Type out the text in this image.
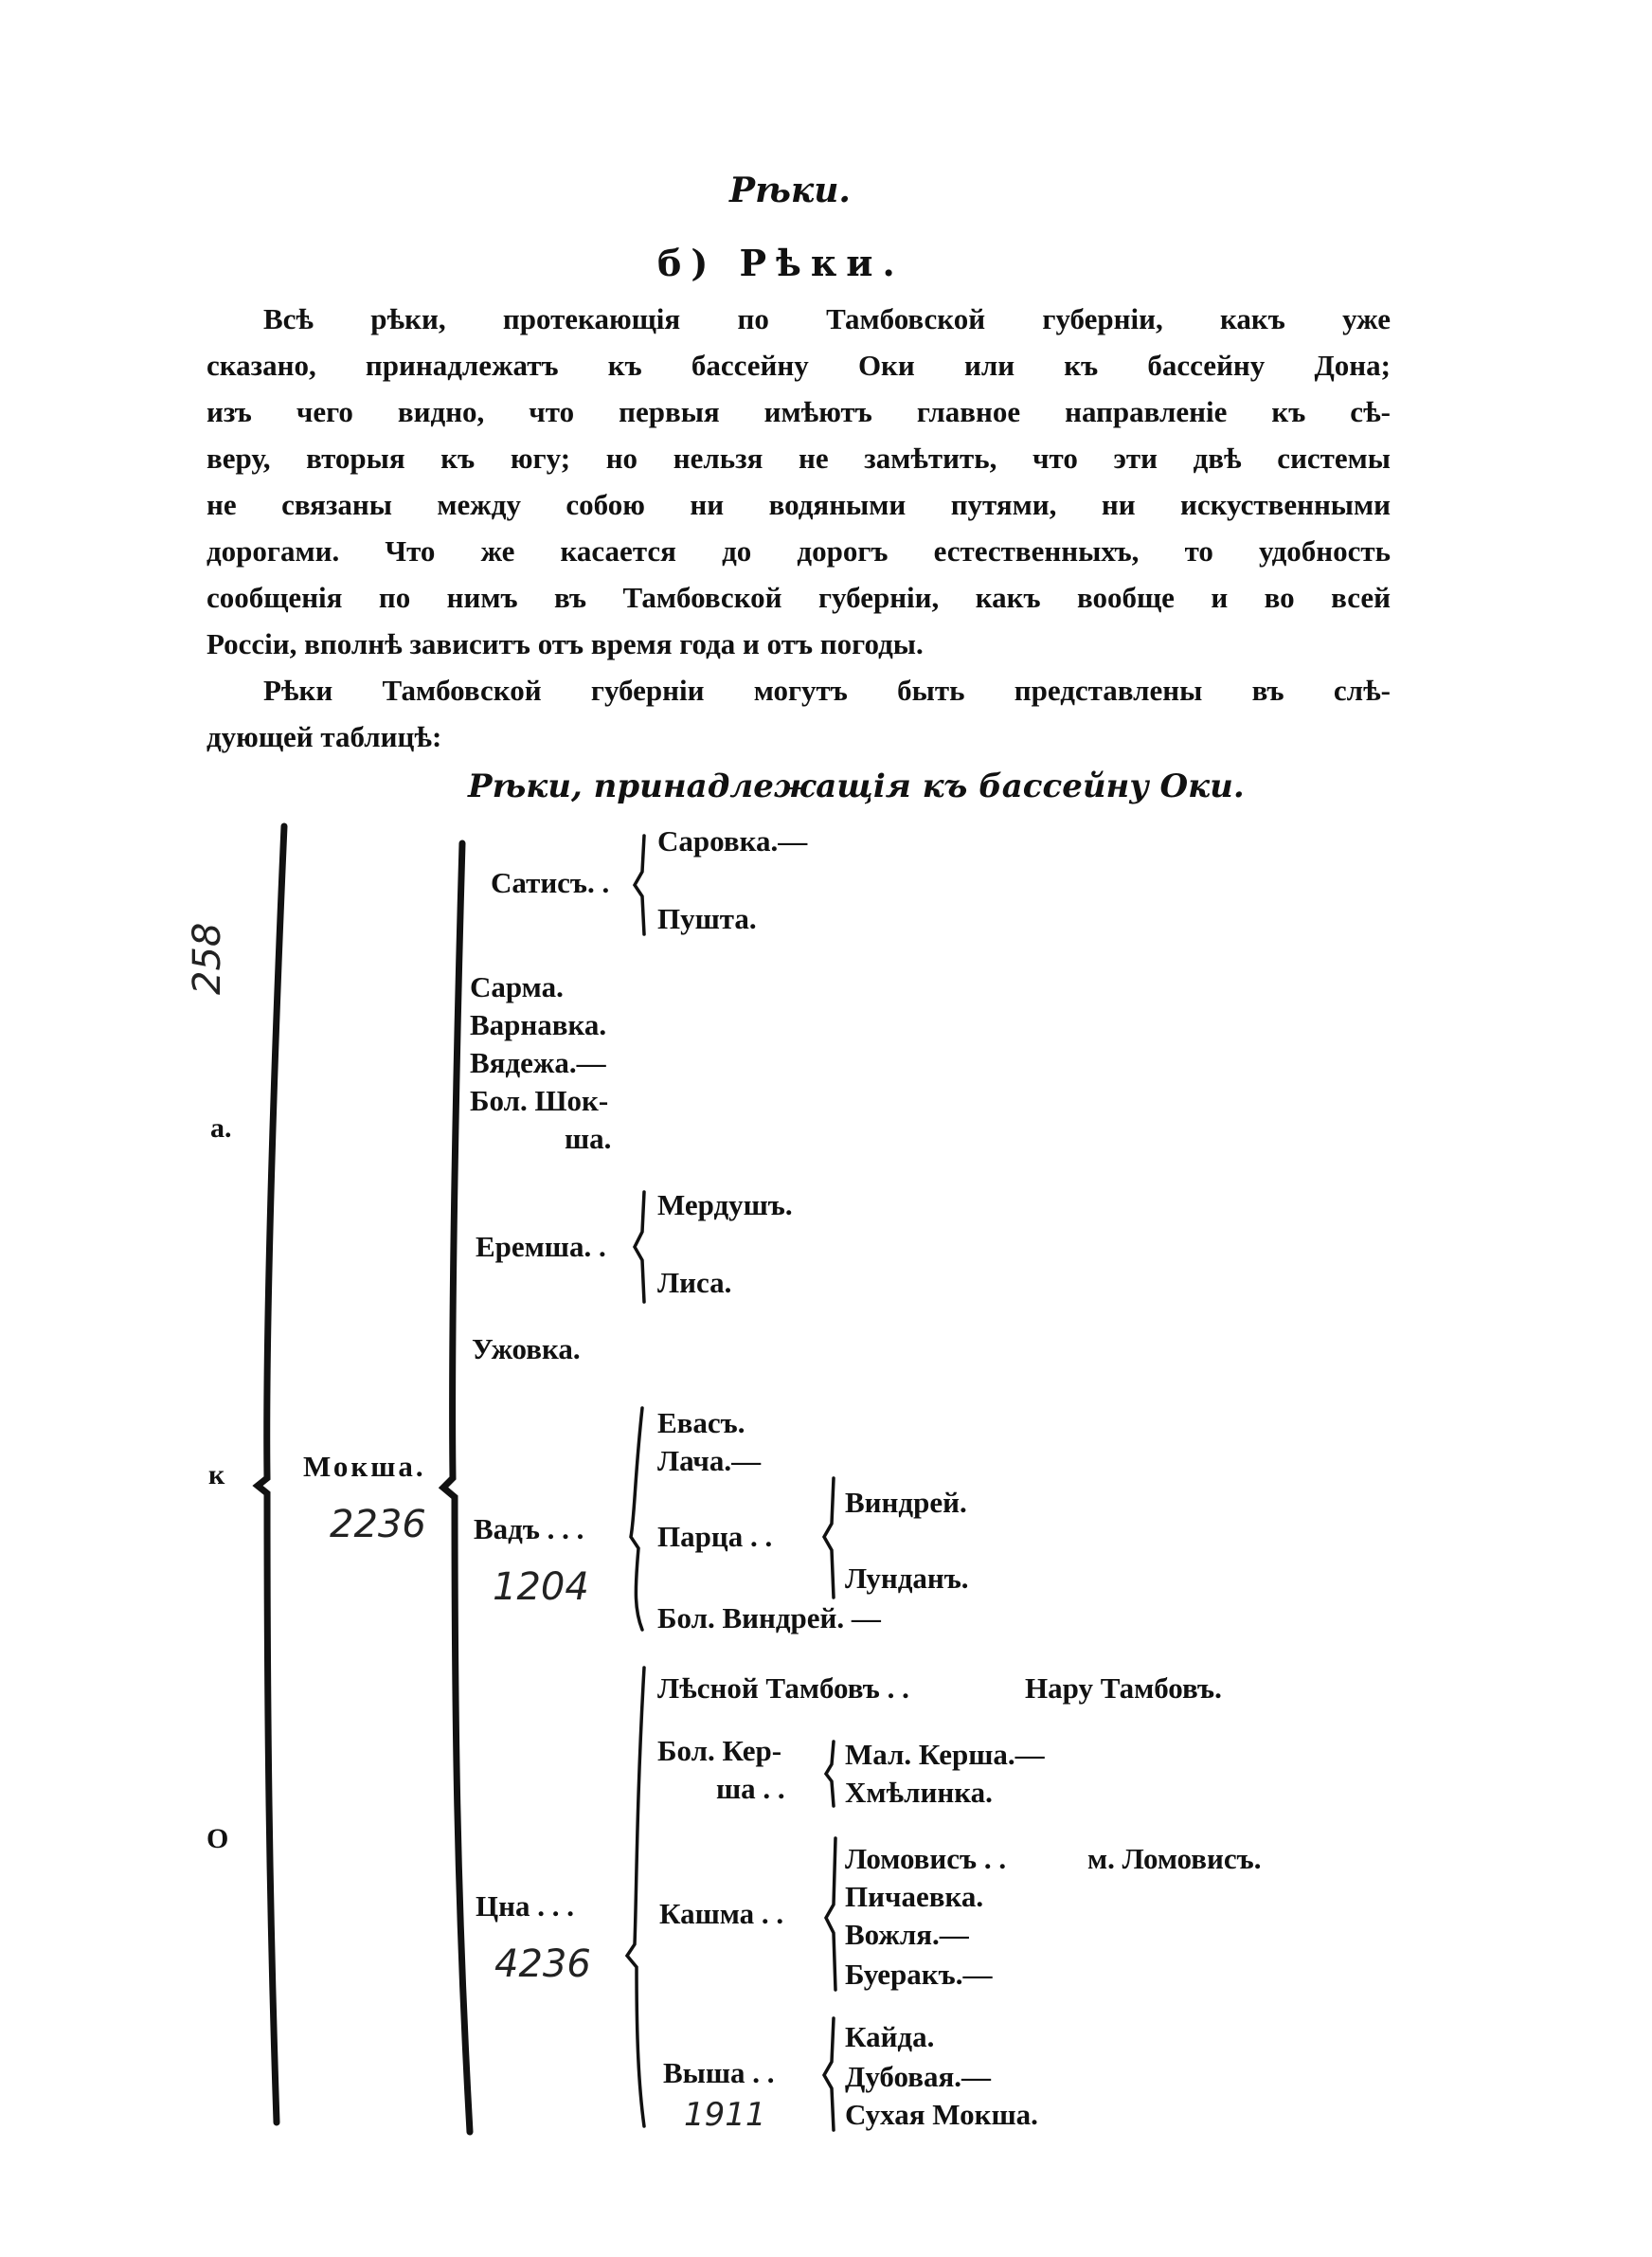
Рѣки.
б) Рѣки.
Всѣ рѣки, протекающія по Тамбовской губерніи, какъ уже
сказано, принадлежатъ къ бассейну Оки или къ бассейну Дона;
изъ чего видно, что первыя имѣютъ главное направленіе къ сѣ-
веру, вторыя къ югу; но нельзя не замѣтить, что эти двѣ системы
не связаны между собою ни водяными путями, ни искуственными
дорогами. Что же касается до дорогъ естественныхъ, то удобность
сообщенія по нимъ въ Тамбовской губерніи, какъ вообще и во всей
Россіи, вполнѣ зависитъ отъ время года и отъ погоды.
Рѣки Тамбовской губерніи могутъ быть представлены въ слѣ-
дующей таблицѣ:
Рѣки, принадлежащія къ бассейну Оки.
О
к
а.
258
Мокша.
2236
Сатисъ. .
Саровка.—
Пушта.
Сарма.
Варнавка.
Вядежа.—
Бол. Шок-
ша.
Еремша. .
Мердушъ.
Лиса.
Ужовка.
Вадъ . . .
1204
Евасъ.
Лача.—
Парца . .
Бол. Виндрей. —
Виндрей.
Лунданъ.
Цна . . .
4236
Лѣсной Тамбовъ . .	Нару Тамбовъ.
Бол. Кер-
ша . .
Мал. Керша.—
Хмѣлинка.
Кашма . .
Ломовисъ . .	м. Ломовисъ.
Пичаевка.
Вожля.—
Буеракъ.—
Выша . .
1911
Кайда.
Дубовая.—
Сухая Мокша.
